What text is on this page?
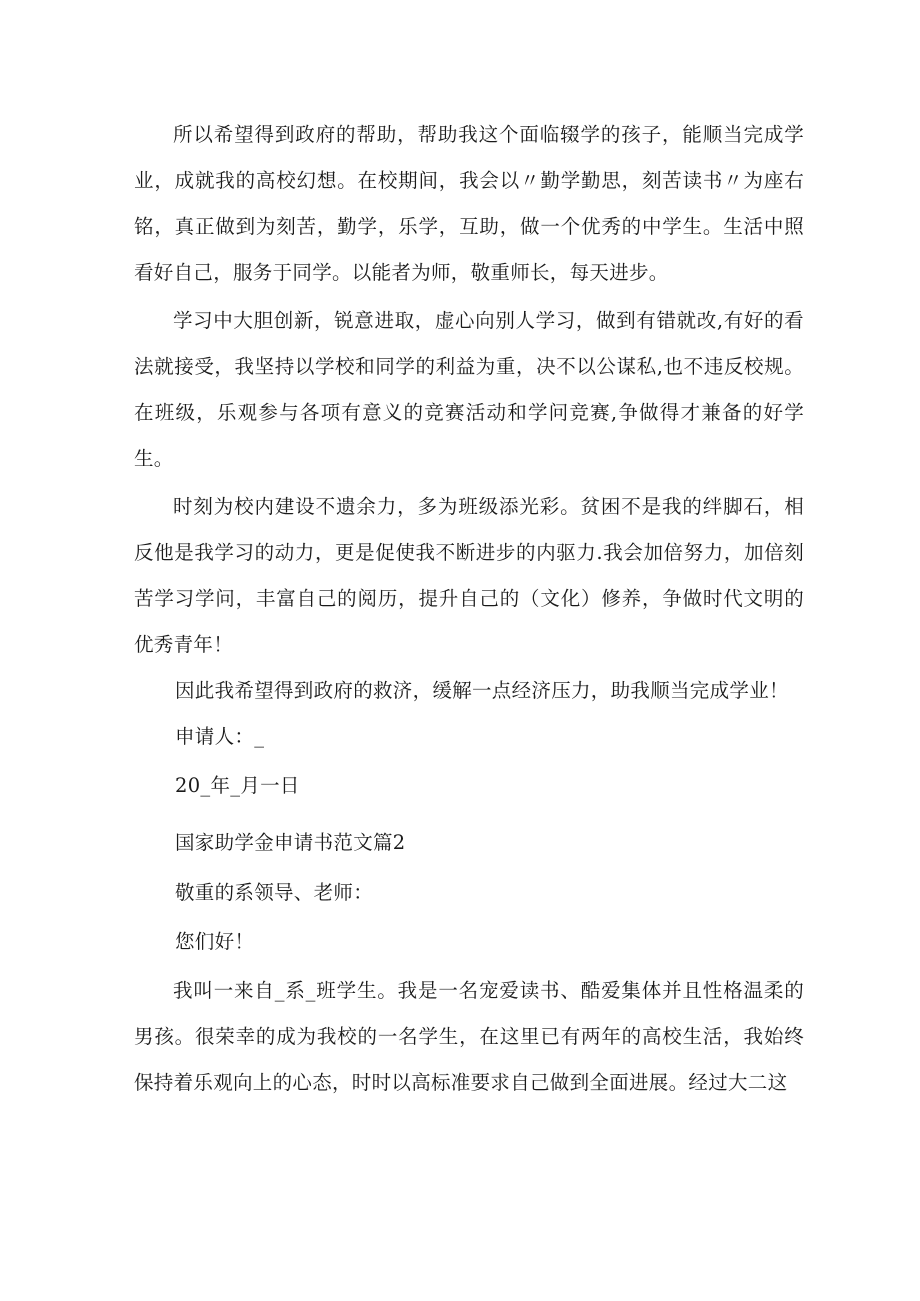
所以希望得到政府的帮助，帮助我这个面临辍学的孩子，能顺当完成学业，成就我的高校幻想。在校期间，我会以〃勤学勤思，刻苦读书〃为座右铭，真正做到为刻苦，勤学，乐学，互助，做一个优秀的中学生。生活中照看好自己，服务于同学。以能者为师，敬重师长，每天进步。

学习中大胆创新，锐意进取，虚心向别人学习，做到有错就改,有好的看法就接受，我坚持以学校和同学的利益为重，决不以公谋私,也不违反校规。在班级，乐观参与各项有意义的竞赛活动和学问竞赛,争做得才兼备的好学生。

时刻为校内建设不遗余力，多为班级添光彩。贫困不是我的绊脚石，相反他是我学习的动力，更是促使我不断进步的内驱力.我会加倍努力，加倍刻苦学习学问，丰富自己的阅历，提升自己的（文化）修养，争做时代文明的优秀青年！

因此我希望得到政府的救济，缓解一点经济压力，助我顺当完成学业！

申请人：_

20_年_月一日

国家助学金申请书范文篇2

敬重的系领导、老师：

您们好！

我叫一来自_系_班学生。我是一名宠爱读书、酷爱集体并且性格温柔的男孩。很荣幸的成为我校的一名学生，在这里已有两年的高校生活，我始终保持着乐观向上的心态，时时以高标准要求自己做到全面进展。经过大二这
